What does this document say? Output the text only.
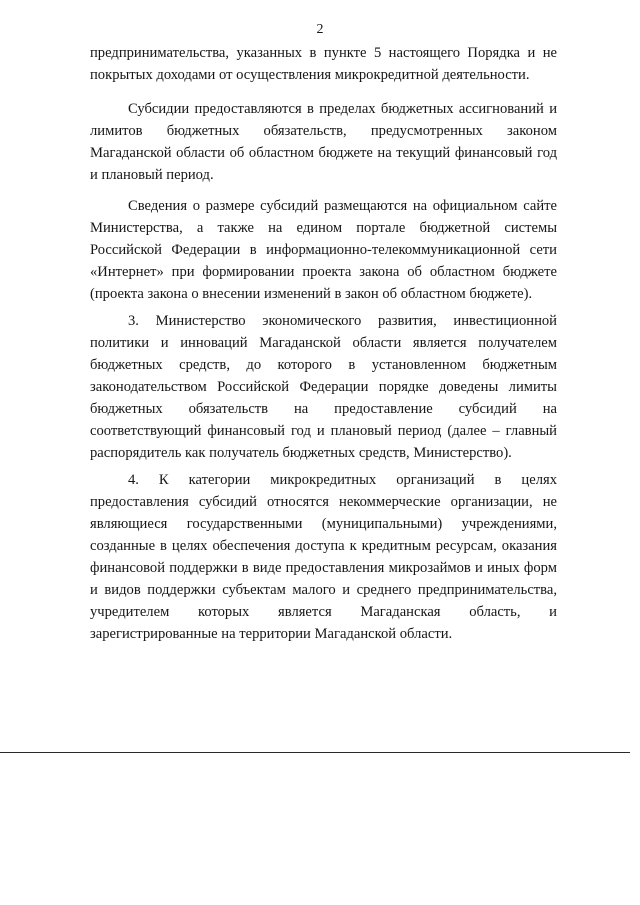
2

предпринимательства, указанных в пункте 5 настоящего Порядка и не покрытых доходами от осуществления микрокредитной деятельности.

Субсидии предоставляются в пределах бюджетных ассигнований и лимитов бюджетных обязательств, предусмотренных законом Магаданской области об областном бюджете на текущий финансовый год и плановый период.

Сведения о размере субсидий размещаются на официальном сайте Министерства, а также на едином портале бюджетной системы Российской Федерации в информационно-телекоммуникационной сети «Интернет» при формировании проекта закона об областном бюджете (проекта закона о внесении изменений в закон об областном бюджете).

3. Министерство экономического развития, инвестиционной политики и инноваций Магаданской области является получателем бюджетных средств, до которого в установленном бюджетным законодательством Российской Федерации порядке доведены лимиты бюджетных обязательств на предоставление субсидий на соответствующий финансовый год и плановый период (далее – главный распорядитель как получатель бюджетных средств, Министерство).

4. К категории микрокредитных организаций в целях предоставления субсидий относятся некоммерческие организации, не являющиеся государственными (муниципальными) учреждениями, созданные в целях обеспечения доступа к кредитным ресурсам, оказания финансовой поддержки в виде предоставления микрозаймов и иных форм и видов поддержки субъектам малого и среднего предпринимательства, учредителем которых является Магаданская область, и зарегистрированные на территории Магаданской области.
